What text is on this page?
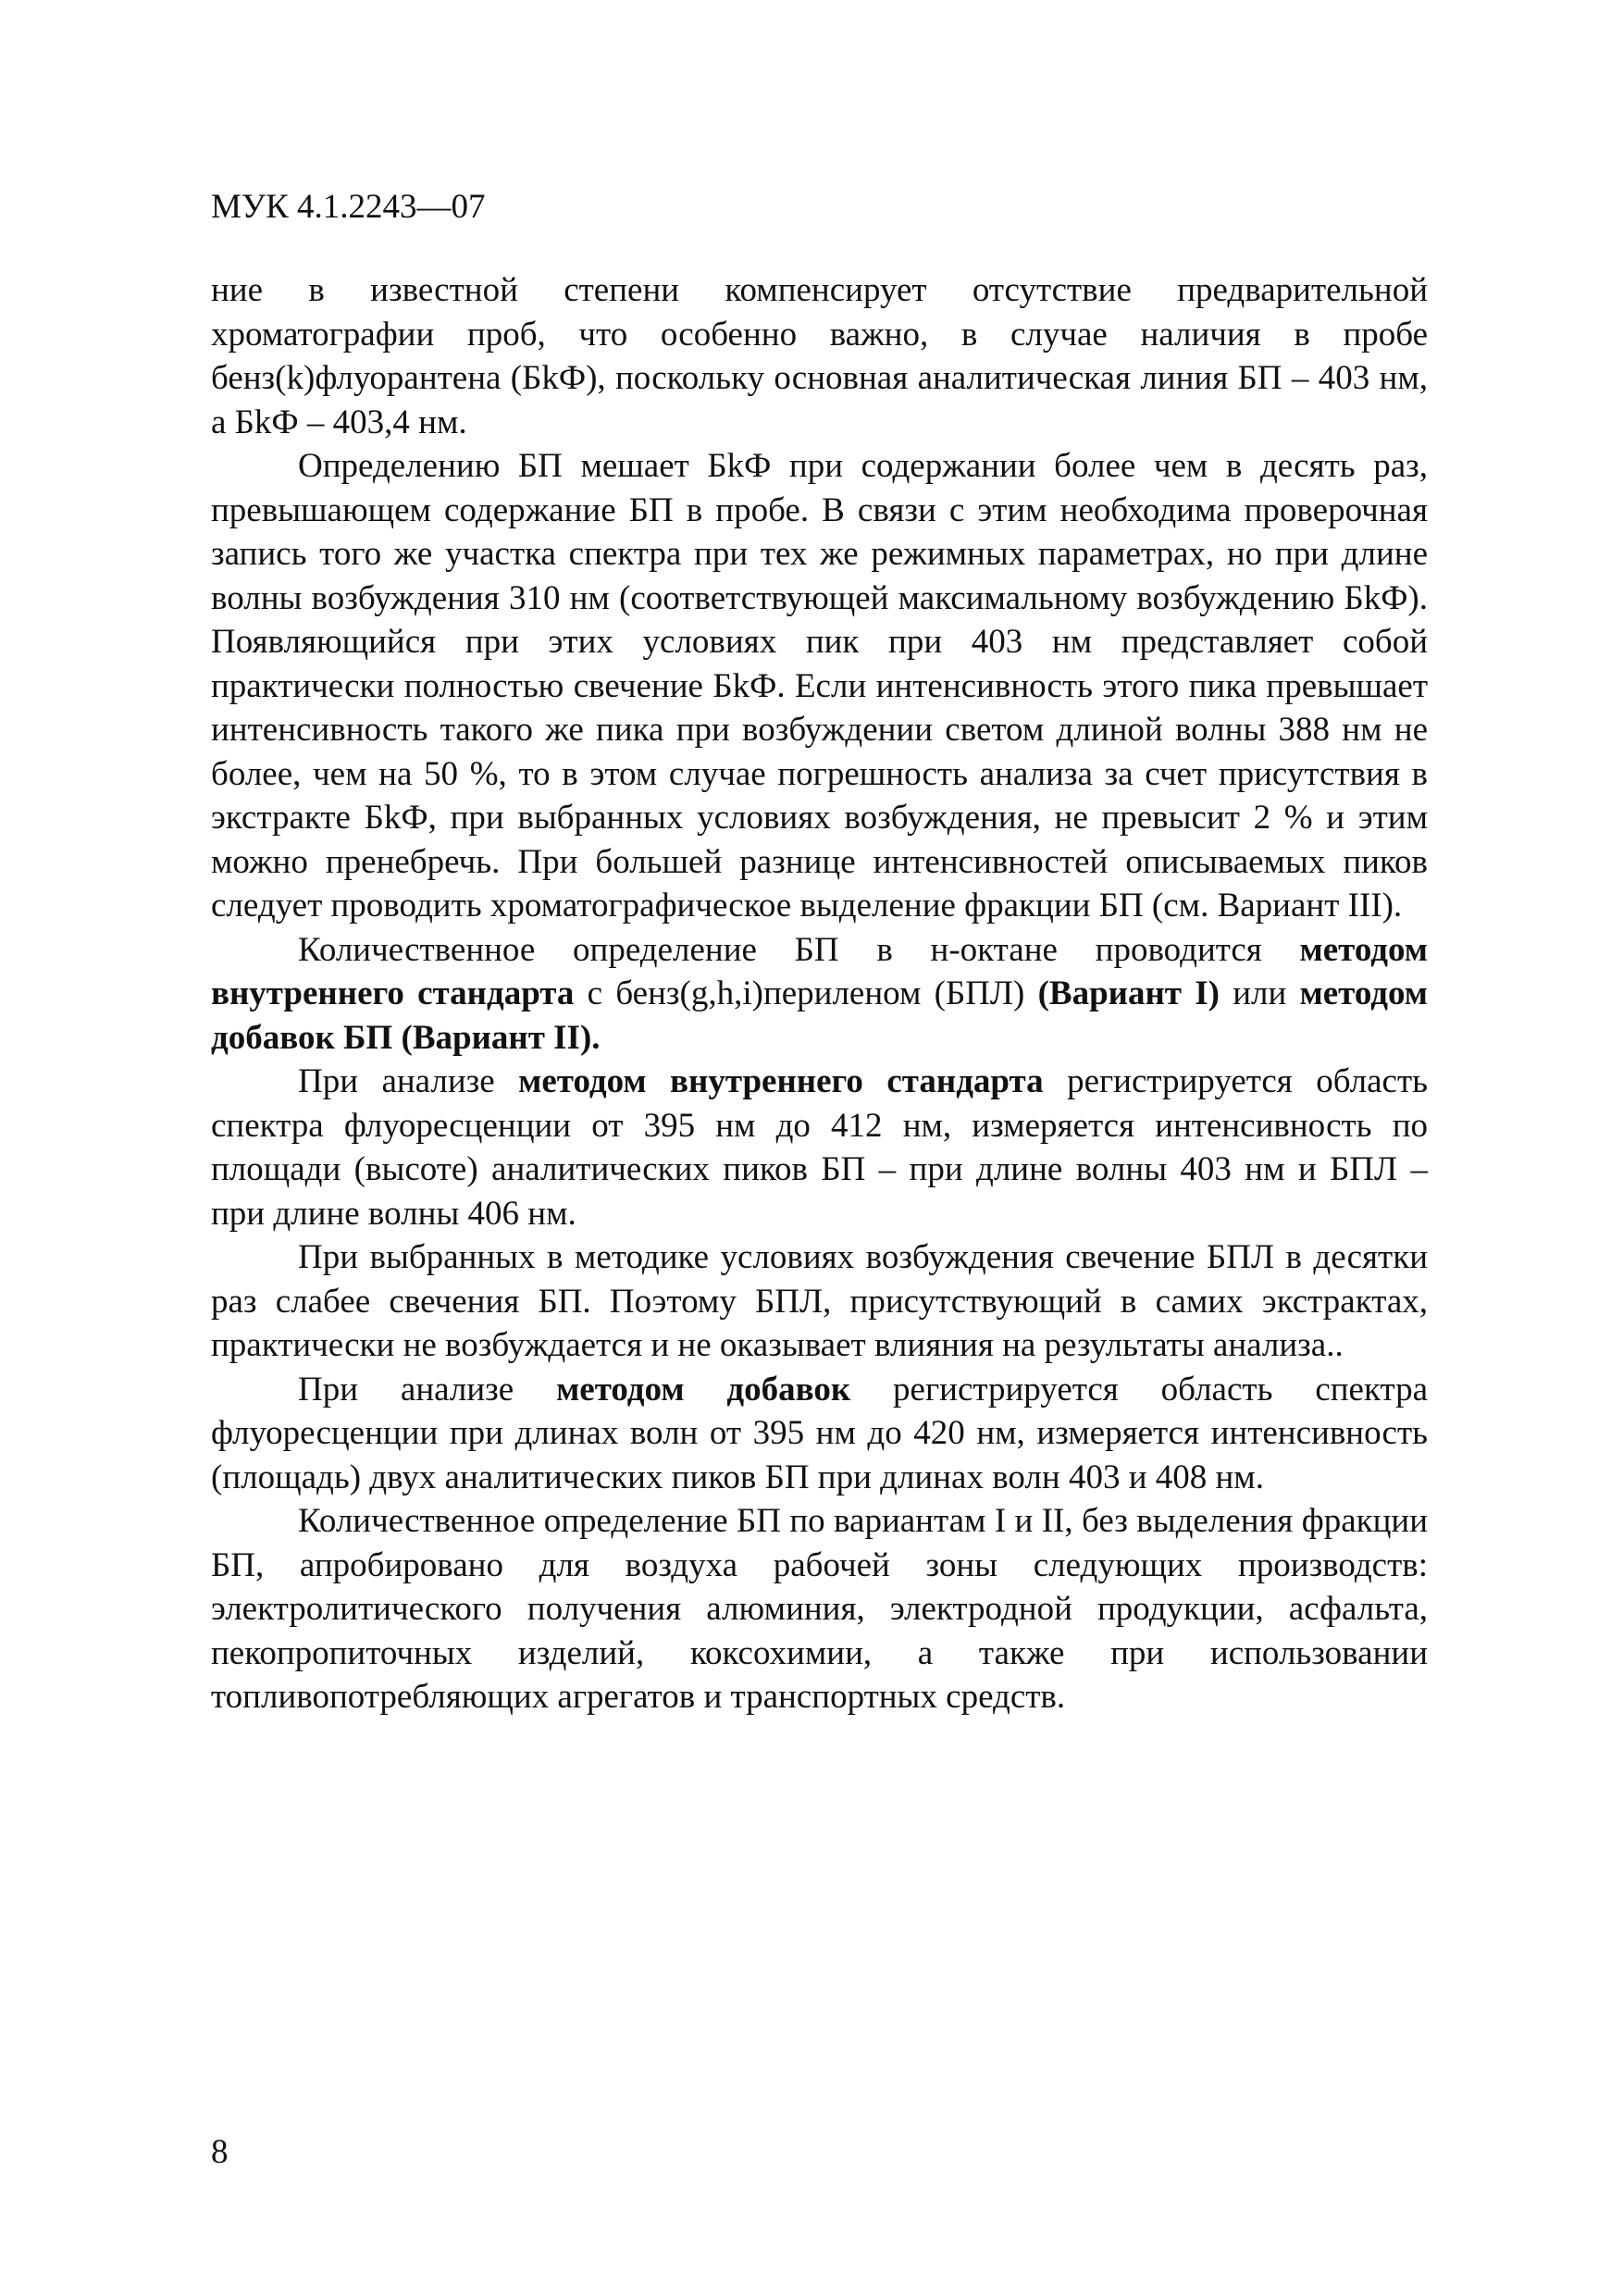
МУК 4.1.2243—07

ние в известной степени компенсирует отсутствие предварительной хроматографии проб, что особенно важно, в случае наличия в пробе бенз(k)флуорантена (БkФ), поскольку основная аналитическая линия БП – 403 нм, а БkФ – 403,4 нм.

Определению БП мешает БkФ при содержании более чем в десять раз, превышающем содержание БП в пробе. В связи с этим необходима проверочная запись того же участка спектра при тех же режимных параметрах, но при длине волны возбуждения 310 нм (соответствующей максимальному возбуждению БkФ). Появляющийся при этих условиях пик при 403 нм представляет собой практически полностью свечение БkФ. Если интенсивность этого пика превышает интенсивность такого же пика при возбуждении светом длиной волны 388 нм не более, чем на 50 %, то в этом случае погрешность анализа за счет присутствия в экстракте БkФ, при выбранных условиях возбуждения, не превысит 2 % и этим можно пренебречь. При большей разнице интенсивностей описываемых пиков следует проводить хроматографическое выделение фракции БП (см. Вариант III).

Количественное определение БП в н-октане проводится методом внутреннего стандарта с бенз(g,h,i)периленом (БПЛ) (Вариант I) или методом добавок БП (Вариант II).

При анализе методом внутреннего стандарта регистрируется область спектра флуоресценции от 395 нм до 412 нм, измеряется интенсивность по площади (высоте) аналитических пиков БП – при длине волны 403 нм и БПЛ – при длине волны 406 нм.

При выбранных в методике условиях возбуждения свечение БПЛ в десятки раз слабее свечения БП. Поэтому БПЛ, присутствующий в самих экстрактах, практически не возбуждается и не оказывает влияния на результаты анализа..

При анализе методом добавок регистрируется область спектра флуоресценции при длинах волн от 395 нм до 420 нм, измеряется интенсивность (площадь) двух аналитических пиков БП при длинах волн 403 и 408 нм.

Количественное определение БП по вариантам I и II, без выделения фракции БП, апробировано для воздуха рабочей зоны следующих производств: электролитического получения алюминия, электродной продукции, асфальта, пекопропиточных изделий, коксохимии, а также при использовании топливопотребляющих агрегатов и транспортных средств.

8
